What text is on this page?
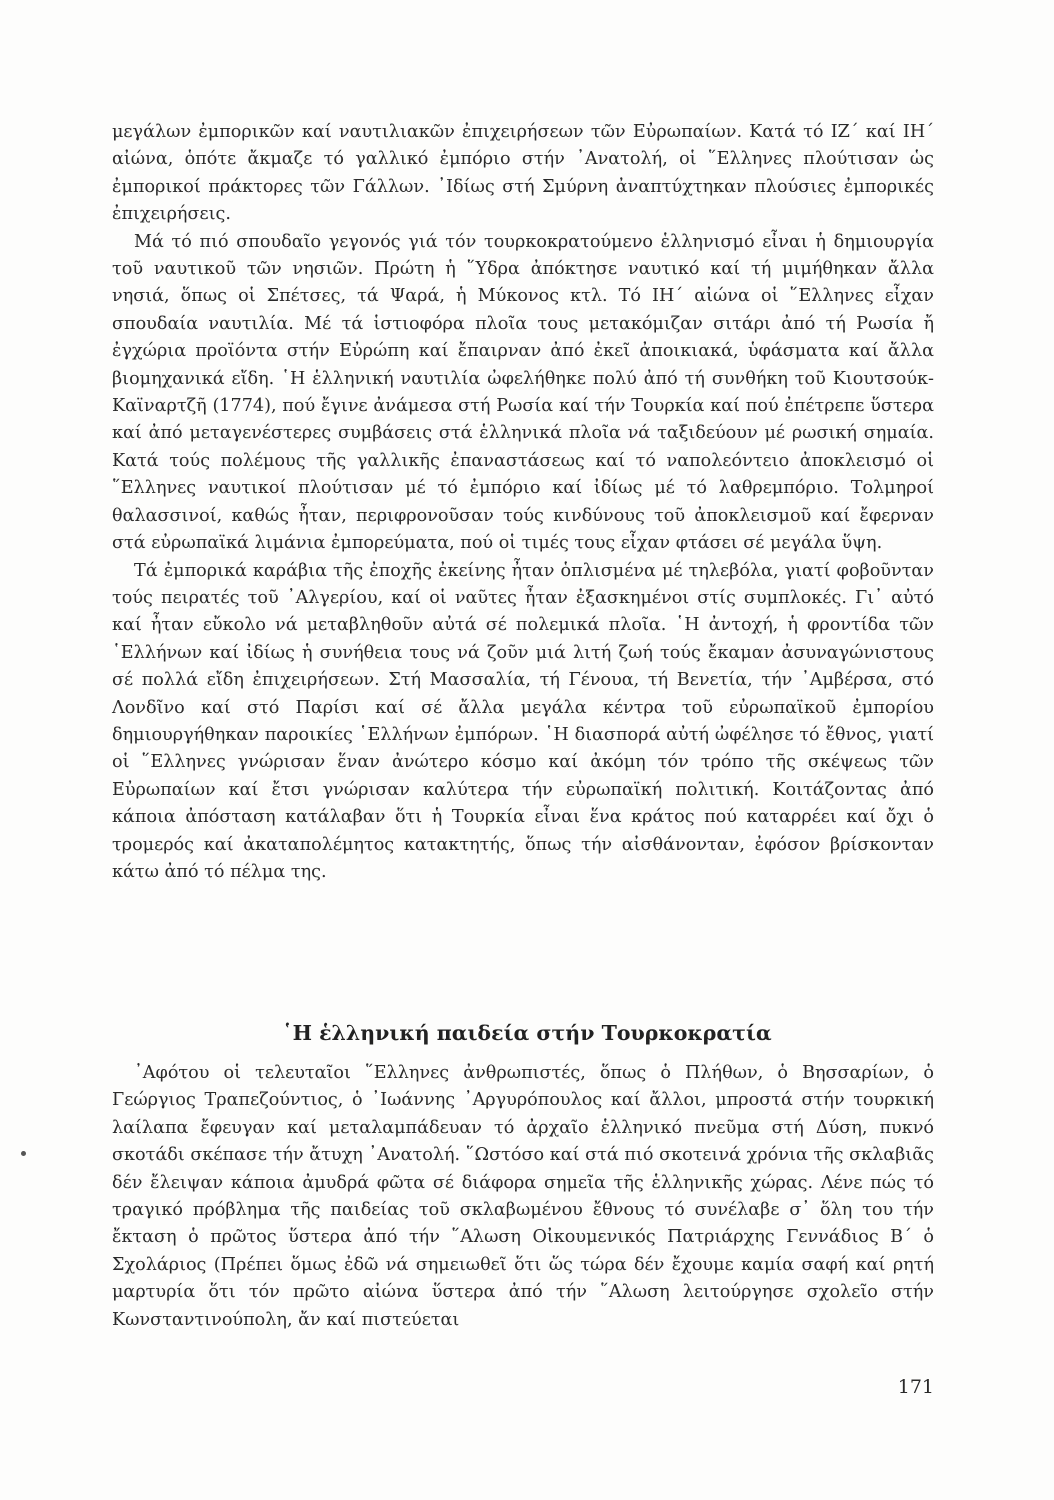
μεγάλων ἐμπορικῶν καί ναυτιλιακῶν ἐπιχειρήσεων τῶν Εὐρωπαίων. Κατά τό ΙΖ΄ καί ΙΗ΄ αἰώνα, ὁπότε ἄκμαζε τό γαλλικό ἐμπόριο στήν ᾿Ανατολή, οἱ ῞Ελληνες πλούτισαν ὡς ἐμπορικοί πράκτορες τῶν Γάλλων. ᾿Ιδίως στή Σμύρνη ἀναπτύχτηκαν πλούσιες ἐμπορικές ἐπιχειρήσεις.

Μά τό πιό σπουδαῖο γεγονός γιά τόν τουρκοκρατούμενο ἑλληνισμό εἶναι ἡ δημιουργία τοῦ ναυτικοῦ τῶν νησιῶν. Πρώτη ἡ ῞Υδρα ἀπόκτησε ναυτικό καί τή μιμήθηκαν ἄλλα νησιά, ὅπως οἱ Σπέτσες, τά Ψαρά, ἡ Μύκονος κτλ. Τό ΙΗ΄ αἰώνα οἱ ῞Ελληνες εἶχαν σπουδαία ναυτιλία. Μέ τά ἱστιοφόρα πλοῖα τους μετακόμιζαν σιτάρι ἀπό τή Ρωσία ἤ ἐγχώρια προϊόντα στήν Εὐρώπη καί ἔπαιρναν ἀπό ἐκεῖ ἀποικιακά, ὑφάσματα καί ἄλλα βιομηχανικά εἴδη. ῾Η ἑλληνική ναυτιλία ὠφελήθηκε πολύ ἀπό τή συνθήκη τοῦ Κιουτσούκ-Καϊναρτζῆ (1774), πού ἔγινε ἀνάμεσα στή Ρωσία καί τήν Τουρκία καί πού ἐπέτρεπε ὕστερα καί ἀπό μεταγενέστερες συμβάσεις στά ἑλληνικά πλοῖα νά ταξιδεύουν μέ ρωσική σημαία. Κατά τούς πολέμους τῆς γαλλικῆς ἐπαναστάσεως καί τό ναπολεόντειο ἀποκλεισμό οἱ ῞Ελληνες ναυτικοί πλούτισαν μέ τό ἐμπόριο καί ἰδίως μέ τό λαθρεμπόριο. Τολμηροί θαλασσινοί, καθώς ἦταν, περιφρονοῦσαν τούς κινδύνους τοῦ ἀποκλεισμοῦ καί ἔφερναν στά εὐρωπαϊκά λιμάνια ἐμπορεύματα, πού οἱ τιμές τους εἶχαν φτάσει σέ μεγάλα ὕψη.

Τά ἐμπορικά καράβια τῆς ἐποχῆς ἐκείνης ἦταν ὁπλισμένα μέ τηλεβόλα, γιατί φοβοῦνταν τούς πειρατές τοῦ ᾿Αλγερίου, καί οἱ ναῦτες ἦταν ἐξασκημένοι στίς συμπλοκές. Γι᾿ αὐτό καί ἦταν εὔκολο νά μεταβληθοῦν αὐτά σέ πολεμικά πλοῖα. ῾Η ἀντοχή, ἡ φροντίδα τῶν ῾Ελλήνων καί ἰδίως ἡ συνήθεια τους νά ζοῦν μιά λιτή ζωή τούς ἔκαμαν ἀσυναγώνιστους σέ πολλά εἴδη ἐπιχειρήσεων. Στή Μασσαλία, τή Γένουα, τή Βενετία, τήν ᾿Αμβέρσα, στό Λονδῖνο καί στό Παρίσι καί σέ ἄλλα μεγάλα κέντρα τοῦ εὐρωπαϊκοῦ ἐμπορίου δημιουργήθηκαν παροικίες ῾Ελλήνων ἐμπόρων. ῾Η διασπορά αὐτή ὠφέλησε τό ἔθνος, γιατί οἱ ῞Ελληνες γνώρισαν ἕναν ἀνώτερο κόσμο καί ἀκόμη τόν τρόπο τῆς σκέψεως τῶν Εὐρωπαίων καί ἔτσι γνώρισαν καλύτερα τήν εὐρωπαϊκή πολιτική. Κοιτάζοντας ἀπό κάποια ἀπόσταση κατάλαβαν ὅτι ἡ Τουρκία εἶναι ἕνα κράτος πού καταρρέει καί ὄχι ὁ τρομερός καί ἀκαταπολέμητος κατακτητής, ὅπως τήν αἰσθάνονταν, ἐφόσον βρίσκονταν κάτω ἀπό τό πέλμα της.

῾Η ἑλληνική παιδεία στήν Τουρκοκρατία

᾿Αφότου οἱ τελευταῖοι ῞Ελληνες ἀνθρωπιστές, ὅπως ὁ Πλήθων, ὁ Βησσαρίων, ὁ Γεώργιος Τραπεζούντιος, ὁ ᾿Ιωάννης ᾿Αργυρόπουλος καί ἄλλοι, μπροστά στήν τουρκική λαίλαπα ἔφευγαν καί μεταλαμπάδευαν τό ἀρχαῖο ἑλληνικό πνεῦμα στή Δύση, πυκνό σκοτάδι σκέπασε τήν ἄτυχη ᾿Ανατολή. ῞Ωστόσο καί στά πιό σκοτεινά χρόνια τῆς σκλαβιᾶς δέν ἔλειψαν κάποια ἀμυδρά φῶτα σέ διάφορα σημεῖα τῆς ἑλληνικῆς χώρας. Λένε πώς τό τραγικό πρόβλημα τῆς παιδείας τοῦ σκλαβωμένου ἔθνους τό συνέλαβε σ᾿ ὅλη του τήν ἔκταση ὁ πρῶτος ὕστερα ἀπό τήν ῞Αλωση Οἰκουμενικός Πατριάρχης Γεννάδιος Β΄ ὁ Σχολάριος (Πρέπει ὅμως ἐδῶ νά σημειωθεῖ ὅτι ὥς τώρα δέν ἔχουμε καμία σαφή καί ρητή μαρτυρία ὅτι τόν πρῶτο αἰώνα ὕστερα ἀπό τήν ῞Αλωση λειτούργησε σχολεῖο στήν Κωνσταντινούπολη, ἄν καί πιστεύεται

171
